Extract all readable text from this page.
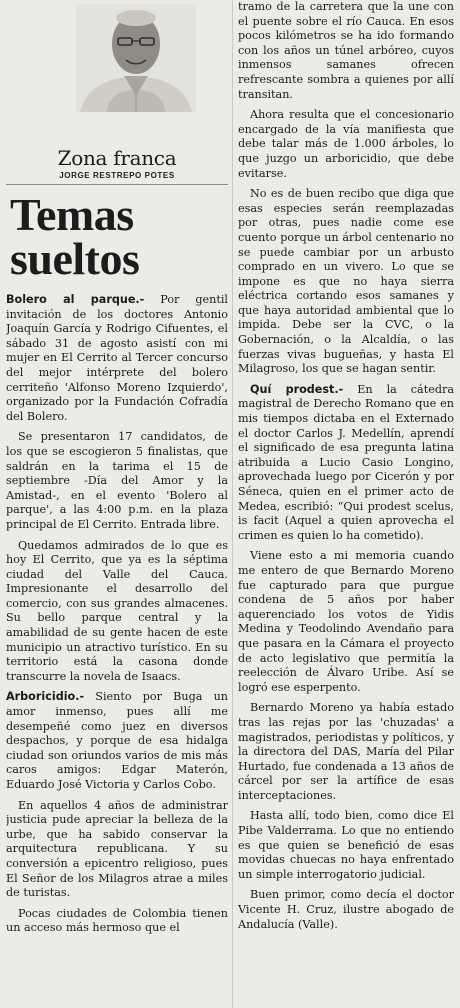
Zona franca
JORGE RESTREPO POTES
Temas
sueltos

Bolero al parque.- Por gentil invitación de los doctores Antonio Joaquín García y Rodrigo Cifuentes, el sábado 31 de agosto asistí con mi mujer en El Cerrito al Tercer concurso del mejor intérprete del bolero cerriteño 'Alfonso Moreno Izquierdo', organizado por la Fundación Cofradía del Bolero.

Se presentaron 17 candidatos, de los que se escogieron 5 finalistas, que saldrán en la tarima el 15 de septiembre -Día del Amor y la Amistad-, en el evento 'Bolero al parque', a las 4:00 p.m. en la plaza principal de El Cerrito. Entrada libre.

Quedamos admirados de lo que es hoy El Cerrito, que ya es la séptima ciudad del Valle del Cauca. Impresionante el desarrollo del comercio, con sus grandes almacenes. Su bello parque central y la amabilidad de su gente hacen de este municipio un atractivo turístico. En su territorio está la casona donde transcurre la novela de Isaacs.

Arboricidio.- Siento por Buga un amor inmenso, pues allí me desempeñé como juez en diversos despachos, y porque de esa hidalga ciudad son oriundos varios de mis más caros amigos: Edgar Materón, Eduardo José Victoria y Carlos Cobo.

En aquellos 4 años de administrar justicia pude apreciar la belleza de la urbe, que ha sabido conservar la arquitectura republicana. Y su conversión a epicentro religioso, pues El Señor de los Milagros atrae a miles de turistas.

Pocas ciudades de Colombia tienen un acceso más hermoso que el

tramo de la carretera que la une con el puente sobre el río Cauca. En esos pocos kilómetros se ha ido formando con los años un túnel arbóreo, cuyos inmensos samanes ofrecen refrescante sombra a quienes por allí transitan.

Ahora resulta que el concesionario encargado de la vía manifiesta que debe talar más de 1.000 árboles, lo que juzgo un arboricidio, que debe evitarse.

No es de buen recibo que diga que esas especies serán reemplazadas por otras, pues nadie come ese cuento porque un árbol centenario no se puede cambiar por un arbusto comprado en un vivero. Lo que se impone es que no haya sierra eléctrica cortando esos samanes y que haya autoridad ambiental que lo impida. Debe ser la CVC, o la Gobernación, o la Alcaldía, o las fuerzas vivas bugueñas, y hasta El Milagroso, los que se hagan sentir.

Quí prodest.- En la cátedra magistral de Derecho Romano que en mis tiempos dictaba en el Externado el doctor Carlos J. Medellín, aprendí el significado de esa pregunta latina atribuida a Lucio Casio Longino, aprovechada luego por Cicerón y por Séneca, quien en el primer acto de Medea, escribió: “Qui prodest scelus, is facit (Aquel a quien aprovecha el crimen es quien lo ha cometido).

Viene esto a mi memoria cuando me entero de que Bernardo Moreno fue capturado para que purgue condena de 5 años por haber aquerenciado los votos de Yidis Medina y Teodolindo Avendaño para que pasara en la Cámara el proyecto de acto legislativo que permitía la reelección de Álvaro Uribe. Así se logró ese esperpento.

Bernardo Moreno ya había estado tras las rejas por las 'chuzadas' a magistrados, periodistas y políticos, y la directora del DAS, María del Pilar Hurtado, fue condenada a 13 años de cárcel por ser la artífice de esas interceptaciones.

Hasta allí, todo bien, como dice El Pibe Valderrama. Lo que no entiendo es que quien se benefició de esas movidas chuecas no haya enfrentado un simple interrogatorio judicial.

Buen primor, como decía el doctor Vicente H. Cruz, ilustre abogado de Andalucía (Valle).
